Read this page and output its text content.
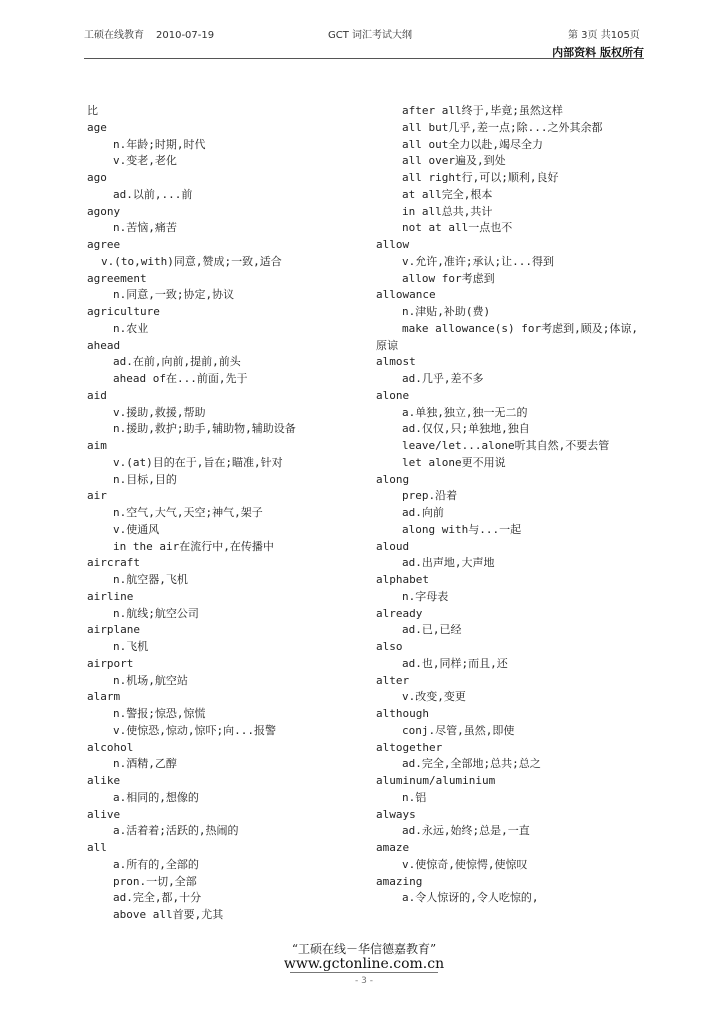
工硕在线教育 2010-07-19	GCT 词汇考试大纲	第 3页 共105页
内部资料 版权所有
比
age
n.年龄;时期,时代
v.变老,老化
ago
ad.以前,...前
agony
n.苦恼,痛苦
agree
v.(to,with)同意,赞成;一致,适合
agreement
n.同意,一致;协定,协议
agriculture
n.农业
ahead
ad.在前,向前,提前,前头
ahead of在...前面,先于
aid
v.援助,救援,帮助
n.援助,救护;助手,辅助物,辅助设备
aim
v.(at)目的在于,旨在;瞄准,针对
n.目标,目的
air
n.空气,大气,天空;神气,架子
v.使通风
in the air在流行中,在传播中
aircraft
n.航空器,飞机
airline
n.航线;航空公司
airplane
n.飞机
airport
n.机场,航空站
alarm
n.警报;惊恐,惊慌
v.使惊恐,惊动,惊吓;向...报警
alcohol
n.酒精,乙醇
alike
a.相同的,想像的
alive
a.活着着;活跃的,热闹的
all
a.所有的,全部的
pron.一切,全部
ad.完全,都,十分
above all首要,尤其
after all终于,毕竟;虽然这样
all but几乎,差一点;除...之外其余都
all out全力以赴,竭尽全力
all over遍及,到处
all right行,可以;顺利,良好
at all完全,根本
in all总共,共计
not at all一点也不
allow
v.允许,准许;承认;让...得到
allow for考虑到
allowance
n.津贴,补助(费)
make allowance(s) for考虑到,顾及;体谅,
原谅
almost
ad.几乎,差不多
alone
a.单独,独立,独一无二的
ad.仅仅,只;单独地,独自
leave/let...alone听其自然,不要去管
let alone更不用说
along
prep.沿着
ad.向前
along with与...一起
aloud
ad.出声地,大声地
alphabet
n.字母表
already
ad.已,已经
also
ad.也,同样;而且,还
alter
v.改变,变更
although
conj.尽管,虽然,即使
altogether
ad.完全,全部地;总共;总之
aluminum/aluminium
n.铝
always
ad.永远,始终;总是,一直
amaze
v.使惊奇,使惊愕,使惊叹
amazing
a.令人惊讶的,令人吃惊的,
“工硕在线－华信德嘉教育”
www.gctonline.com.cn
- 3 -
